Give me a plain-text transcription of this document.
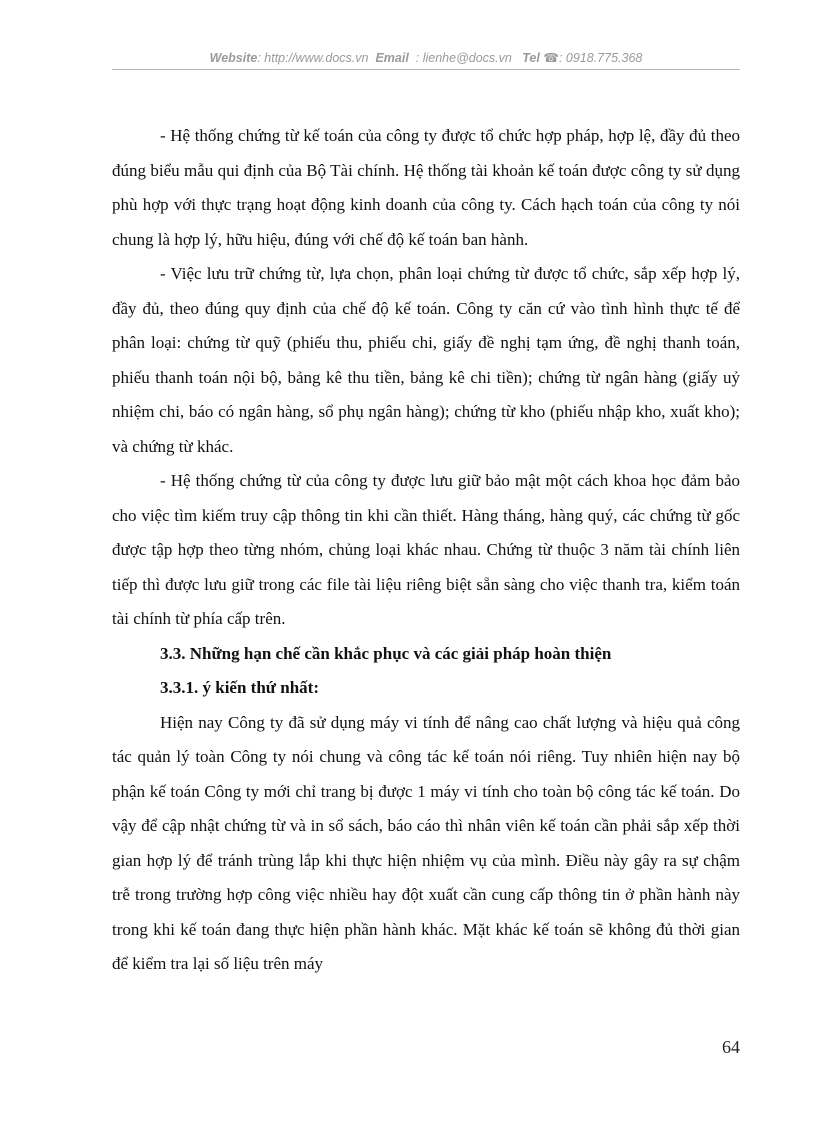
Website: http://www.docs.vn Email : lienhe@docs.vn Tel ☎: 0918.775.368

- Hệ thống chứng từ kế toán của công ty được tổ chức hợp pháp, hợp lệ, đầy đủ theo đúng biểu mẫu qui định của Bộ Tài chính. Hệ thống tài khoản kế toán được công ty sử dụng phù hợp với thực trạng hoạt động kinh doanh của công ty. Cách hạch toán của công ty nói chung là hợp lý, hữu hiệu, đúng với chế độ kế toán ban hành.

- Việc lưu trữ chứng từ, lựa chọn, phân loại chứng từ được tổ chức, sắp xếp hợp lý, đầy đủ, theo đúng quy định của chế độ kế toán. Công ty căn cứ vào tình hình thực tế để phân loại: chứng từ quỹ (phiếu thu, phiếu chi, giấy đề nghị tạm ứng, đề nghị thanh toán, phiếu thanh toán nội bộ, bảng kê thu tiền, bảng kê chi tiền); chứng từ ngân hàng (giấy uỷ nhiệm chi, báo có ngân hàng, sổ phụ ngân hàng); chứng từ kho (phiếu nhập kho, xuất kho); và chứng từ khác.

- Hệ thống chứng từ của công ty được lưu giữ bảo mật một cách khoa học đảm bảo cho việc tìm kiếm truy cập thông tin khi cần thiết. Hàng tháng, hàng quý, các chứng từ gốc được tập hợp theo từng nhóm, chủng loại khác nhau. Chứng từ thuộc 3 năm tài chính liên tiếp thì được lưu giữ trong các file tài liệu riêng biệt sẵn sàng cho việc thanh tra, kiểm toán tài chính từ phía cấp trên.

3.3. Những hạn chế cần khắc phục và các giải pháp hoàn thiện
3.3.1. ý kiến thứ nhất:

Hiện nay Công ty đã sử dụng máy vi tính để nâng cao chất lượng và hiệu quả công tác quản lý toàn Công ty nói chung và công tác kế toán nói riêng. Tuy nhiên hiện nay bộ phận kế toán Công ty mới chỉ trang bị được 1 máy vi tính cho toàn bộ công tác kế toán. Do vậy để cập nhật chứng từ và in sổ sách, báo cáo thì nhân viên kế toán cần phải sắp xếp thời gian hợp lý để tránh trùng lắp khi thực hiện nhiệm vụ của mình. Điều này gây ra sự chậm trễ trong trường hợp công việc nhiều hay đột xuất cần cung cấp thông tin ở phần hành này trong khi kế toán đang thực hiện phần hành khác. Mặt khác kế toán sẽ không đủ thời gian để kiểm tra lại số liệu trên máy

64
